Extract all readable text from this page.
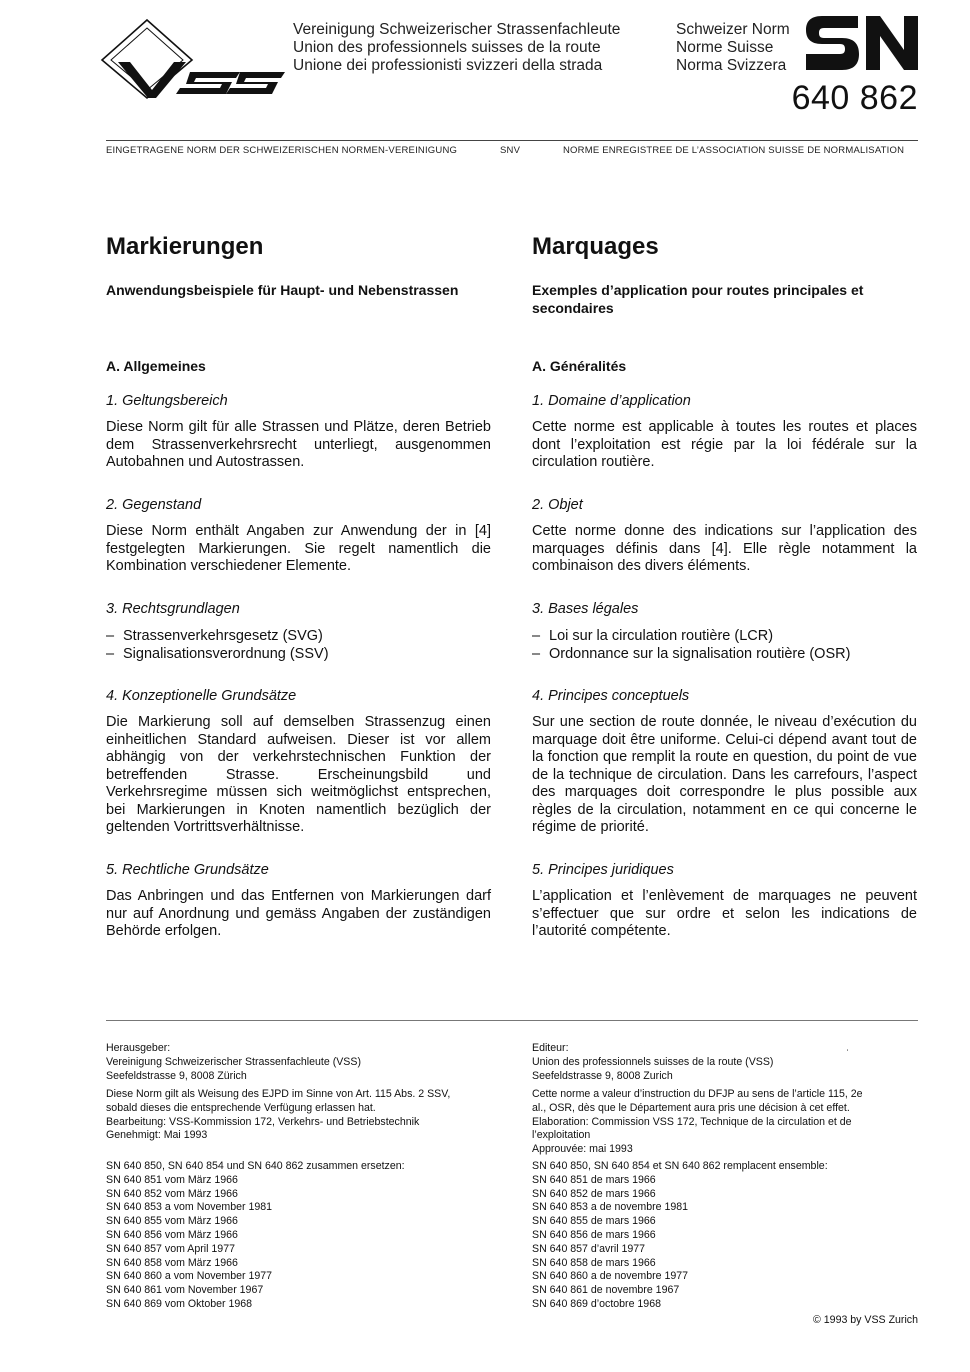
Vereinigung Schweizerischer Strassenfachleute
Union des professionnels suisses de la route
Unione dei professionisti svizzeri della strada
Schweizer Norm
Norme Suisse
Norma Svizzera
640 862
EINGETRAGENE NORM DER SCHWEIZERISCHEN NORMEN-VEREINIGUNG	SNV	NORME ENREGISTREE DE L’ASSOCIATION SUISSE DE NORMALISATION
Markierungen
Anwendungsbeispiele für Haupt- und Nebenstrassen
A. Allgemeines
1. Geltungsbereich
Diese Norm gilt für alle Strassen und Plätze, deren Betrieb dem Strassenverkehrsrecht unterliegt, ausgenommen Autobahnen und Autostrassen.
2. Gegenstand
Diese Norm enthält Angaben zur Anwendung der in [4] festgelegten Markierungen. Sie regelt namentlich die Kombination verschiedener Elemente.
3. Rechtsgrundlagen
– Strassenverkehrsgesetz (SVG)
– Signalisationsverordnung (SSV)
4. Konzeptionelle Grundsätze
Die Markierung soll auf demselben Strassenzug einen einheitlichen Standard aufweisen. Dieser ist vor allem abhängig von der verkehrstechnischen Funktion der betreffenden Strasse. Erscheinungsbild und Verkehrsregime müssen sich weitmöglichst entsprechen, bei Markierungen in Knoten namentlich bezüglich der geltenden Vortrittsverhältnisse.
5. Rechtliche Grundsätze
Das Anbringen und das Entfernen von Markierungen darf nur auf Anordnung und gemäss Angaben der zuständigen Behörde erfolgen.
Marquages
Exemples d’application pour routes principales et secondaires
A. Généralités
1. Domaine d’application
Cette norme est applicable à toutes les routes et places dont l’exploitation est régie par la loi fédérale sur la circulation routière.
2. Objet
Cette norme donne des indications sur l’application des marquages définis dans [4]. Elle règle notamment la combinaison des divers éléments.
3. Bases légales
– Loi sur la circulation routière (LCR)
– Ordonnance sur la signalisation routière (OSR)
4. Principes conceptuels
Sur une section de route donnée, le niveau d’exécution du marquage doit être uniforme. Celui-ci dépend avant tout de la fonction que remplit la route en question, du point de vue de la technique de circulation. Dans les carrefours, l’aspect des marquages doit correspondre le plus possible aux règles de la circulation, notamment en ce qui concerne le régime de priorité.
5. Principes juridiques
L’application et l’enlèvement de marquages ne peuvent s’effectuer que sur ordre et selon les indications de l’autorité compétente.
Herausgeber:
Vereinigung Schweizerischer Strassenfachleute (VSS)
Seefeldstrasse 9, 8008 Zürich
Diese Norm gilt als Weisung des EJPD im Sinne von Art. 115 Abs. 2 SSV,
sobald dieses die entsprechende Verfügung erlassen hat.
Bearbeitung: VSS-Kommission 172, Verkehrs- und Betriebstechnik
Genehmigt: Mai 1993
SN 640 850, SN 640 854 und SN 640 862 zusammen ersetzen:
SN 640 851 vom März 1966
SN 640 852 vom März 1966
SN 640 853 a vom November 1981
SN 640 855 vom März 1966
SN 640 856 vom März 1966
SN 640 857 vom April 1977
SN 640 858 vom März 1966
SN 640 860 a vom November 1977
SN 640 861 vom November 1967
SN 640 869 vom Oktober 1968
Editeur:
Union des professionnels suisses de la route (VSS)
Seefeldstrasse 9, 8008 Zurich
ʿ
Cette norme a valeur d’instruction du DFJP au sens de l’article 115, 2e
al., OSR, dès que le Département aura pris une décision à cet effet.
Elaboration: Commission VSS 172, Technique de la circulation et de
l’exploitation
Approuvée: mai 1993
SN 640 850, SN 640 854 et SN 640 862 remplacent ensemble:
SN 640 851 de mars 1966
SN 640 852 de mars 1966
SN 640 853 a de novembre 1981
SN 640 855 de mars 1966
SN 640 856 de mars 1966
SN 640 857 d’avril 1977
SN 640 858 de mars 1966
SN 640 860 a de novembre 1977
SN 640 861 de novembre 1967
SN 640 869 d’octobre 1968
© 1993 by VSS Zurich
